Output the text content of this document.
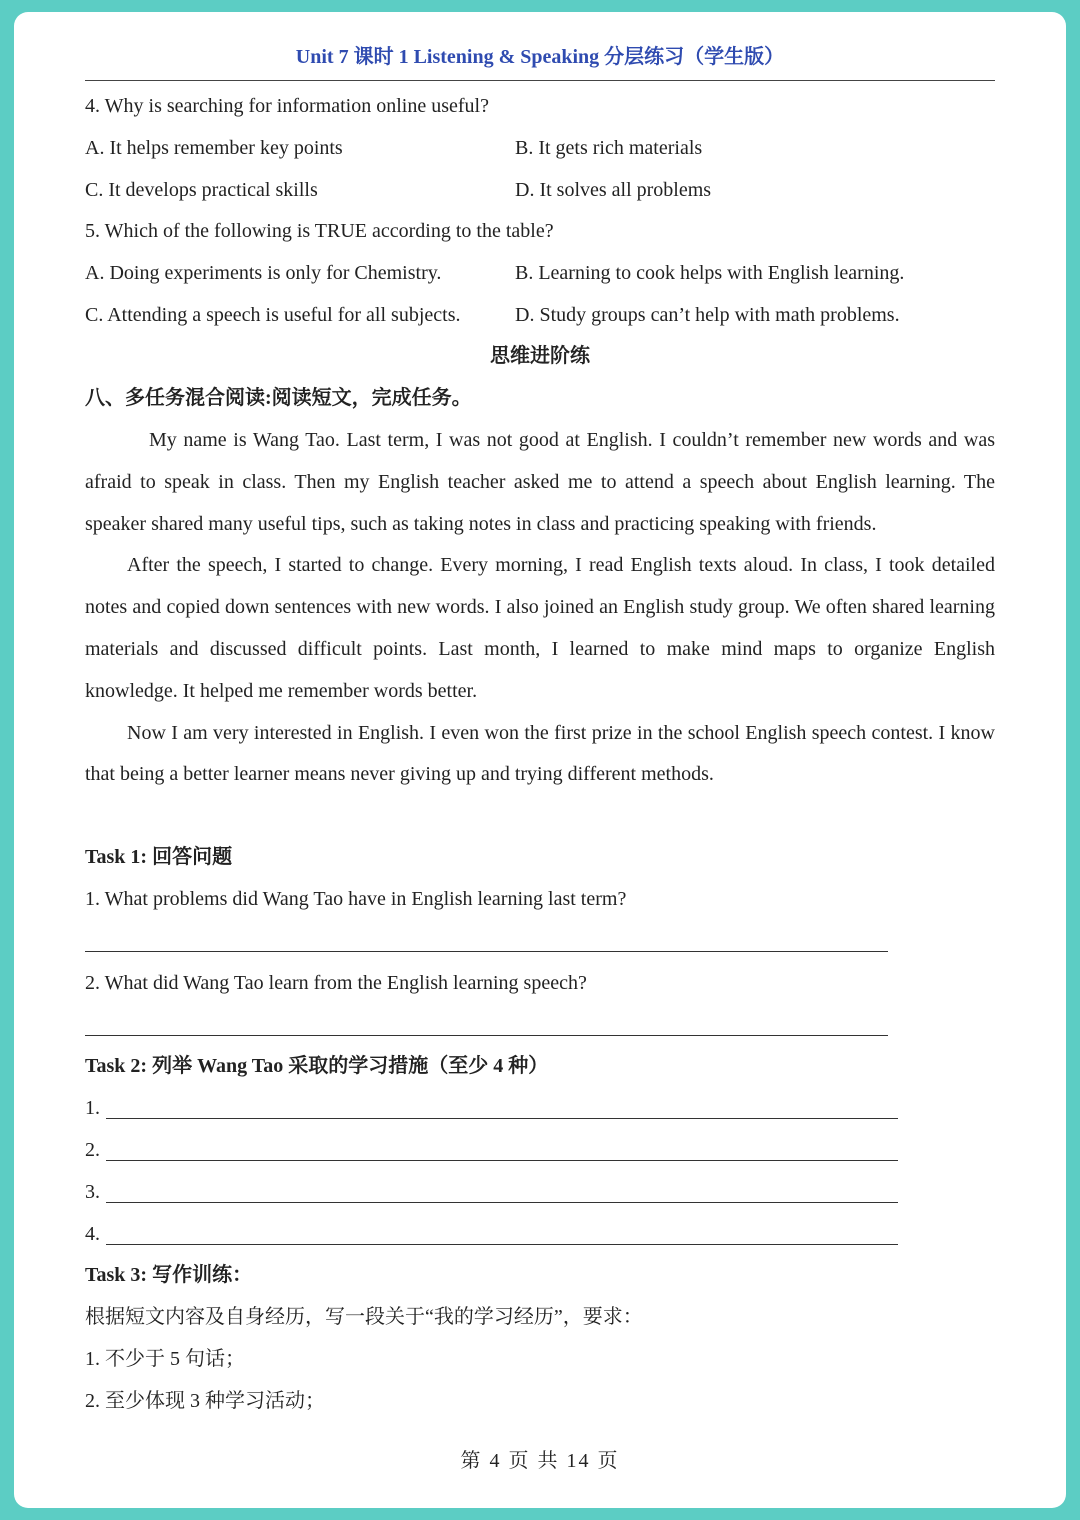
Unit 7 课时 1 Listening & Speaking 分层练习（学生版）
4. Why is searching for information online useful?
A. It helps remember key points	B. It gets rich materials
C. It develops practical skills	D. It solves all problems
5. Which of the following is TRUE according to the table?
A. Doing experiments is only for Chemistry.	B. Learning to cook helps with English learning.
C. Attending a speech is useful for all subjects.	D. Study groups can’t help with math problems.
思维进阶练
八、多任务混合阅读:阅读短文，完成任务。

My name is Wang Tao. Last term, I was not good at English. I couldn’t remember new words and was afraid to speak in class. Then my English teacher asked me to attend a speech about English learning. The speaker shared many useful tips, such as taking notes in class and practicing speaking with friends.

After the speech, I started to change. Every morning, I read English texts aloud. In class, I took detailed notes and copied down sentences with new words. I also joined an English study group. We often shared learning materials and discussed difficult points. Last month, I learned to make mind maps to organize English knowledge. It helped me remember words better.

Now I am very interested in English. I even won the first prize in the school English speech contest. I know that being a better learner means never giving up and trying different methods.

Task 1: 回答问题
1. What problems did Wang Tao have in English learning last term?
2. What did Wang Tao learn from the English learning speech?
Task 2: 列举 Wang Tao 采取的学习措施（至少 4 种）
1.
2.
3.
4.
Task 3: 写作训练：
根据短文内容及自身经历，写一段关于“我的学习经历”，要求：
1. 不少于 5 句话；
2. 至少体现 3 种学习活动；
第 4 页 共 14 页
